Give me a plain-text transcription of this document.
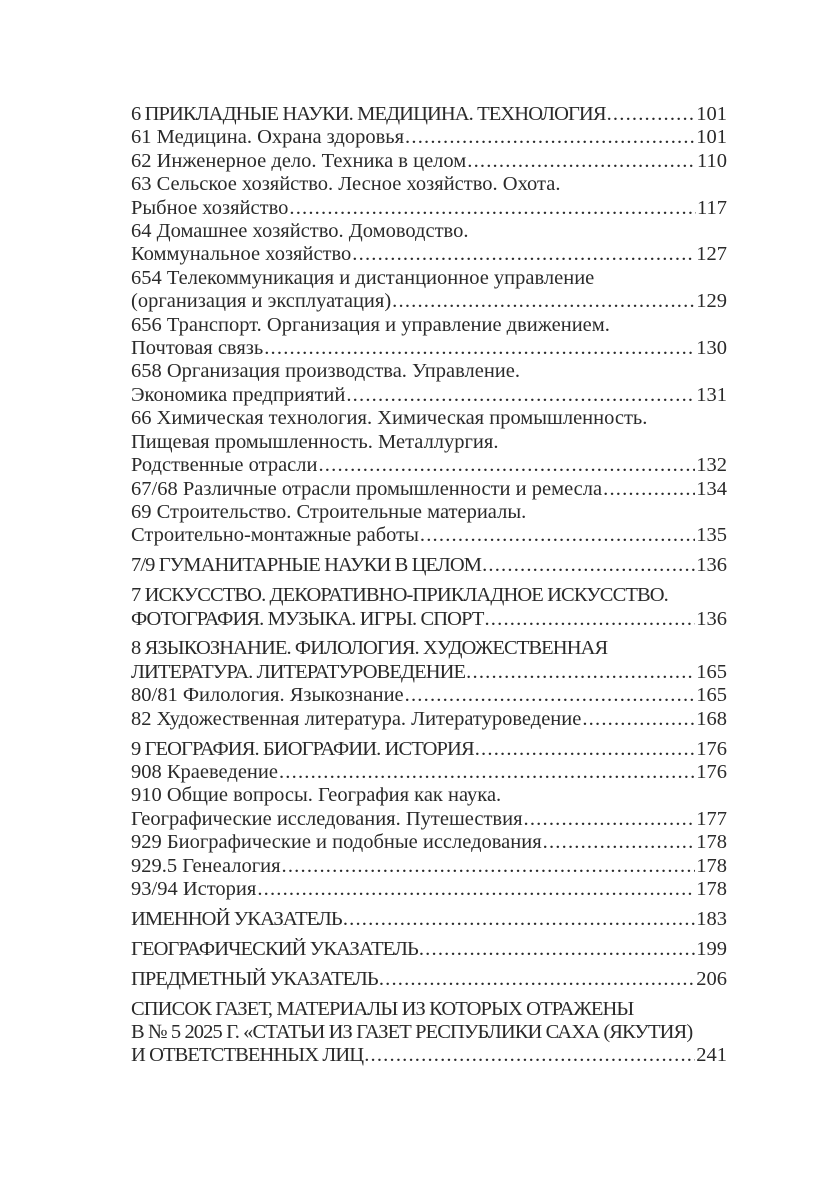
6 ПРИКЛАДНЫЕ НАУКИ. МЕДИЦИНА. ТЕХНОЛОГИЯ .....	101
61 Медицина. Охрана здоровья .....	101
62 Инженерное дело. Техника в целом .....	110
63 Сельское хозяйство. Лесное хозяйство. Охота.
Рыбное хозяйство .....	117
64 Домашнее хозяйство. Домоводство.
Коммунальное хозяйство .....	127
654 Телекоммуникация и дистанционное управление
(организация и эксплуатация) .....	129
656 Транспорт. Организация и управление движением.
Почтовая связь .....	130
658 Организация производства. Управление.
Экономика предприятий .....	131
66 Химическая технология. Химическая промышленность.
Пищевая промышленность. Металлургия.
Родственные отрасли .....	132
67/68 Различные отрасли промышленности и ремесла .....	134
69 Строительство. Строительные материалы.
Строительно-монтажные работы .....	135
7/9 ГУМАНИТАРНЫЕ НАУКИ В ЦЕЛОМ .....	136
7 ИСКУССТВО. ДЕКОРАТИВНО-ПРИКЛАДНОЕ ИСКУССТВО.
ФОТОГРАФИЯ. МУЗЫКА. ИГРЫ. СПОРТ .....	136
8 ЯЗЫКОЗНАНИЕ. ФИЛОЛОГИЯ. ХУДОЖЕСТВЕННАЯ
ЛИТЕРАТУРА. ЛИТЕРАТУРОВЕДЕНИЕ .....	165
80/81 Филология. Языкознание .....	165
82 Художественная литература. Литературоведение .....	168
9 ГЕОГРАФИЯ. БИОГРАФИИ. ИСТОРИЯ .....	176
908 Краеведение .....	176
910 Общие вопросы. География как наука.
Географические исследования. Путешествия .....	177
929 Биографические и подобные исследования .....	178
929.5 Генеалогия .....	178
93/94 История .....	178
ИМЕННОЙ УКАЗАТЕЛЬ .....	183
ГЕОГРАФИЧЕСКИЙ УКАЗАТЕЛЬ .....	199
ПРЕДМЕТНЫЙ УКАЗАТЕЛЬ .....	206
СПИСОК ГАЗЕТ, МАТЕРИАЛЫ ИЗ КОТОРЫХ ОТРАЖЕНЫ
В № 5 2025 Г. «СТАТЬИ ИЗ ГАЗЕТ РЕСПУБЛИКИ САХА (ЯКУТИЯ)
И ОТВЕТСТВЕННЫХ ЛИЦ .....	241
